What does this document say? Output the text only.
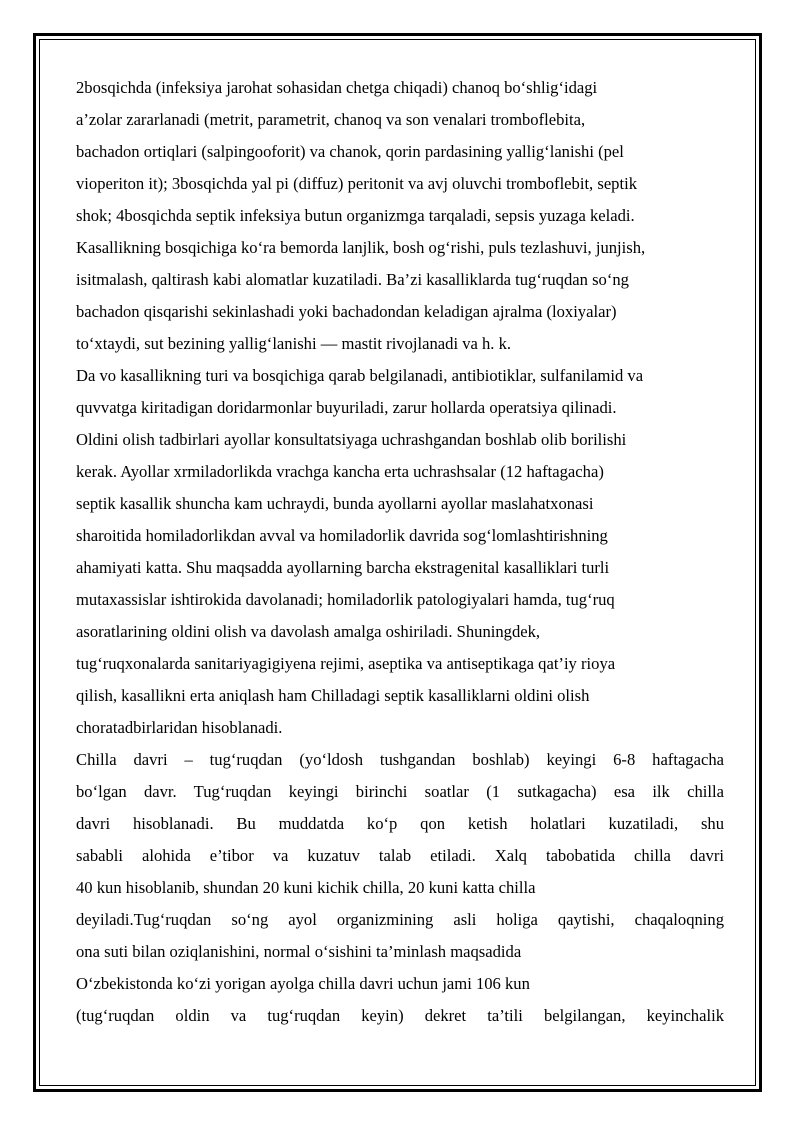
2bosqichda (infeksiya jarohat sohasidan chetga chiqadi) chanoq bo‘shlig‘idagi
a’zolar zararlanadi (metrit, parametrit, chanoq va son venalari tromboflebita,
bachadon ortiqlari (salpingooforit) va chanok, qorin pardasining yallig‘lanishi (pel
vioperiton it); 3bosqichda yal pi (diffuz) peritonit va avj oluvchi tromboflebit, septik
shok; 4bosqichda septik infeksiya butun organizmga tarqaladi, sepsis yuzaga keladi.
Kasallikning bosqichiga ko‘ra bemorda lanjlik, bosh og‘rishi, puls tezlashuvi, junjish,
isitmalash, qaltirash kabi alomatlar kuzatiladi. Ba’zi kasalliklarda tug‘ruqdan so‘ng
bachadon qisqarishi sekinlashadi yoki bachadondan keladigan ajralma (loxiyalar)
to‘xtaydi, sut bezining yallig‘lanishi — mastit rivojlanadi va h. k.
Da vo kasallikning turi va bosqichiga qarab belgilanadi, antibiotiklar, sulfanilamid va
quvvatga kiritadigan doridarmonlar buyuriladi, zarur hollarda operatsiya qilinadi.
Oldini olish tadbirlari ayollar konsultatsiyaga uchrashgandan boshlab olib borilishi
kerak. Ayollar xrmiladorlikda vrachga kancha erta uchrashsalar (12 haftagacha)
septik kasallik shuncha kam uchraydi, bunda ayollarni ayollar maslahatxonasi
sharoitida homiladorlikdan avval va homiladorlik davrida sog‘lomlashtirishning
ahamiyati katta. Shu maqsadda ayollarning barcha ekstragenital kasalliklari turli
mutaxassislar ishtirokida davolanadi; homiladorlik patologiyalari hamda, tug‘ruq
asoratlarining oldini olish va davolash amalga oshiriladi. Shuningdek,
tug‘ruqxonalarda sanitariyagigiyena rejimi, aseptika va antiseptikaga qat’iy rioya
qilish, kasallikni erta aniqlash ham Chilladagi septik kasalliklarni oldini olish
choratadbirlaridan hisoblanadi.
Chilla davri – tug‘ruqdan (yo‘ldosh tushgandan boshlab) keyingi 6-8 haftagacha
bo‘lgan davr. Tug‘ruqdan keyingi birinchi soatlar (1 sutkagacha) esa ilk chilla
davri hisoblanadi. Bu muddatda ko‘p qon ketish holatlari kuzatiladi, shu
sababli alohida e’tibor va kuzatuv talab etiladi. Xalq tabobatida chilla davri
40 kun hisoblanib, shundan 20 kuni kichik chilla, 20 kuni katta chilla
deyiladi.Tug‘ruqdan so‘ng ayol organizmining asli holiga qaytishi, chaqaloqning
ona suti bilan oziqlanishini, normal o‘sishini ta’minlash maqsadida
O‘zbekistonda ko‘zi yorigan ayolga chilla davri uchun jami 106 kun
(tug‘ruqdan oldin va tug‘ruqdan keyin) dekret ta’tili belgilangan, keyinchalik
